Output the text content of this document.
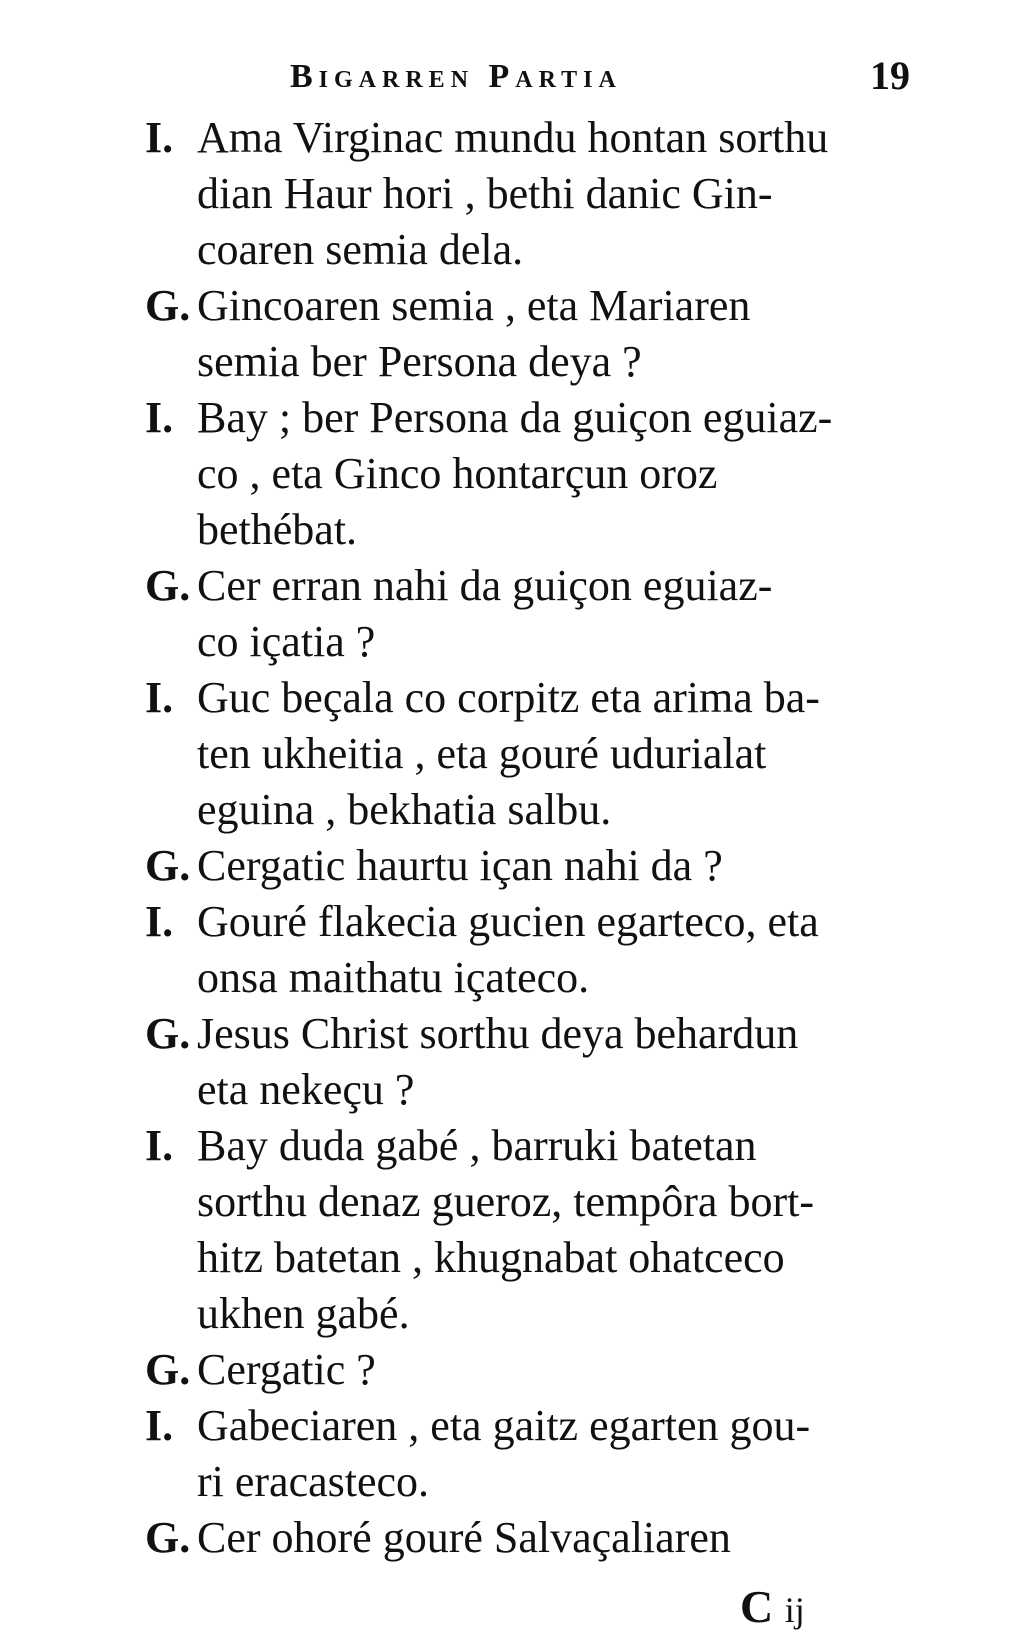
Bigarren Partia	19
I. Ama Virginac mundu hontan sorthu
dian Haur hori , bethi danic Gin-
coaren semia dela.
G. Gincoaren semia , eta Mariaren
semia ber Persona deya ?
I. Bay ; ber Persona da guiçon eguiaz-
co , eta Ginco hontarçun oroz
bethébat.
G. Cer erran nahi da guiçon eguiaz-
co içatia ?
I. Guc beçala co corpitz eta arima ba-
ten ukheitia , eta gouré udurialat
eguina , bekhatia salbu.
G. Cergatic haurtu içan nahi da ?
I. Gouré flakecia gucien egarteco, eta
onsa maithatu içateco.
G. Jesus Christ sorthu deya behardun
eta nekeçu ?
I. Bay duda gabé , barruki batetan
sorthu denaz gueroz, tempôra bort-
hitz batetan , khugnabat ohatceco
ukhen gabé.
G. Cergatic ?
I. Gabeciaren , eta gaitz egarten gou-
ri eracasteco.
G. Cer ohoré gouré Salvaçaliaren
C ij
